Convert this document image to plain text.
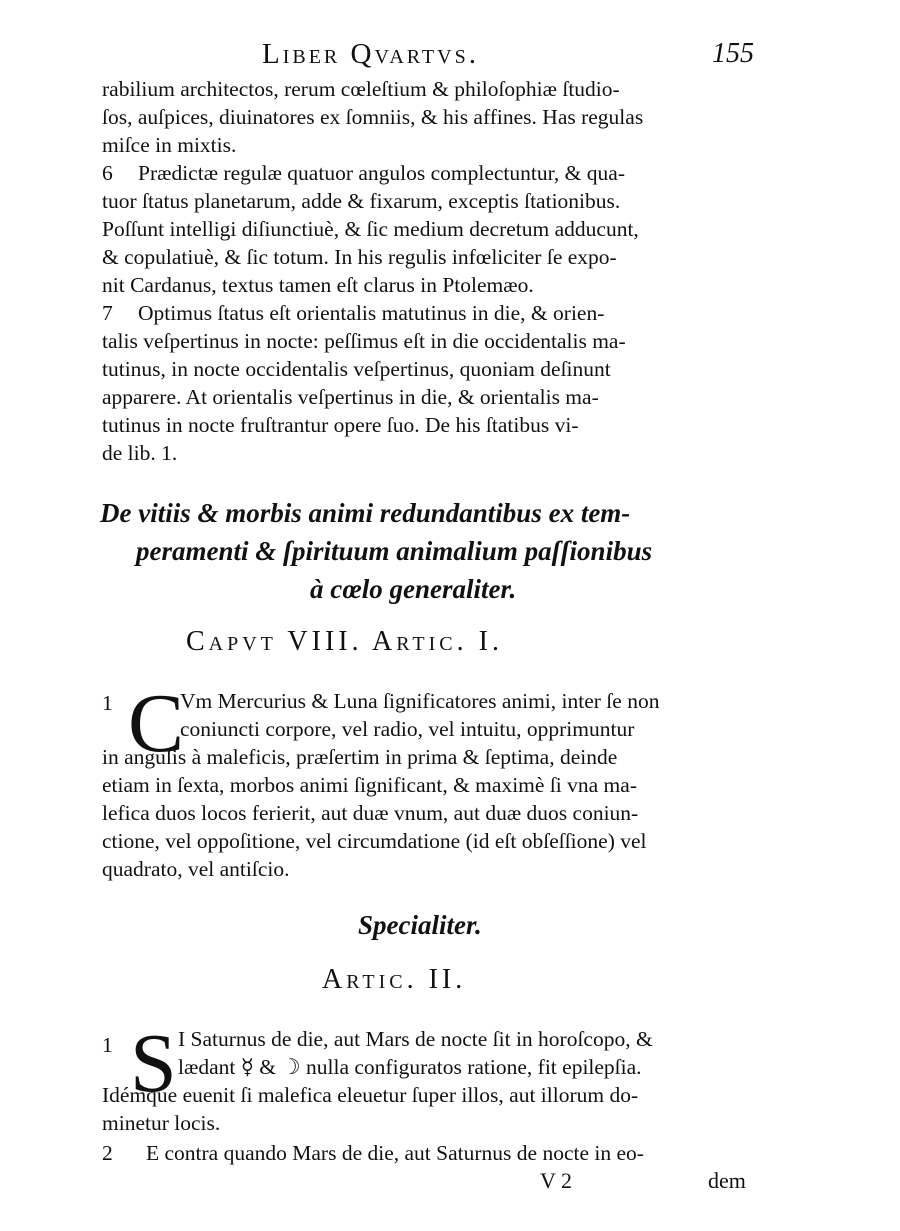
Liber Qvartvs.	155
rabilium architectos, rerum cœleſtium & philoſophiæ ſtudio-
ſos, auſpices, diuinatores ex ſomniis, & his affines. Has regulas
miſce in mixtis.
6 Prædictæ regulæ quatuor angulos complectuntur, & qua-
tuor ſtatus planetarum, adde & fixarum, exceptis ſtationibus.
Poſſunt intelligi diſiunctiuè, & ſic medium decretum adducunt,
& copulatiuè, & ſic totum. In his regulis infœliciter ſe expo-
nit Cardanus, textus tamen eſt clarus in Ptolemæo.
7 Optimus ſtatus eſt orientalis matutinus in die, & orien-
talis veſpertinus in nocte: peſſimus eſt in die occidentalis ma-
tutinus, in nocte occidentalis veſpertinus, quoniam deſinunt
apparere. At orientalis veſpertinus in die, & orientalis ma-
tutinus in nocte fruſtrantur opere ſuo. De his ſtatibus vi-
de lib. 1.
De vitiis & morbis animi redundantibus ex tem-
peramenti & ſpirituum animalium paſſionibus
à cœlo generaliter.
Capvt VIII. Artic. I.
1 C
Vm Mercurius & Luna ſignificatores animi, inter ſe non
coniuncti corpore, vel radio, vel intuitu, opprimuntur
in angulis à maleficis, præſertim in prima & ſeptima, deinde
etiam in ſexta, morbos animi ſignificant, & maximè ſi vna ma-
lefica duos locos ferierit, aut duæ vnum, aut duæ duos coniun-
ctione, vel oppoſitione, vel circumdatione (id eſt obſeſſione) vel
quadrato, vel antiſcio.
Specialiter.
Artic. II.
1 S I Saturnus de die, aut Mars de nocte ſit in horoſcopo, &
lædant ☿ & ☽ nulla configuratos ratione, fit epilepſia.
Idémque euenit ſi malefica eleuetur ſuper illos, aut illorum do-
minetur locis.
2 E contra quando Mars de die, aut Saturnus de nocte in eo-
V 2	dem
